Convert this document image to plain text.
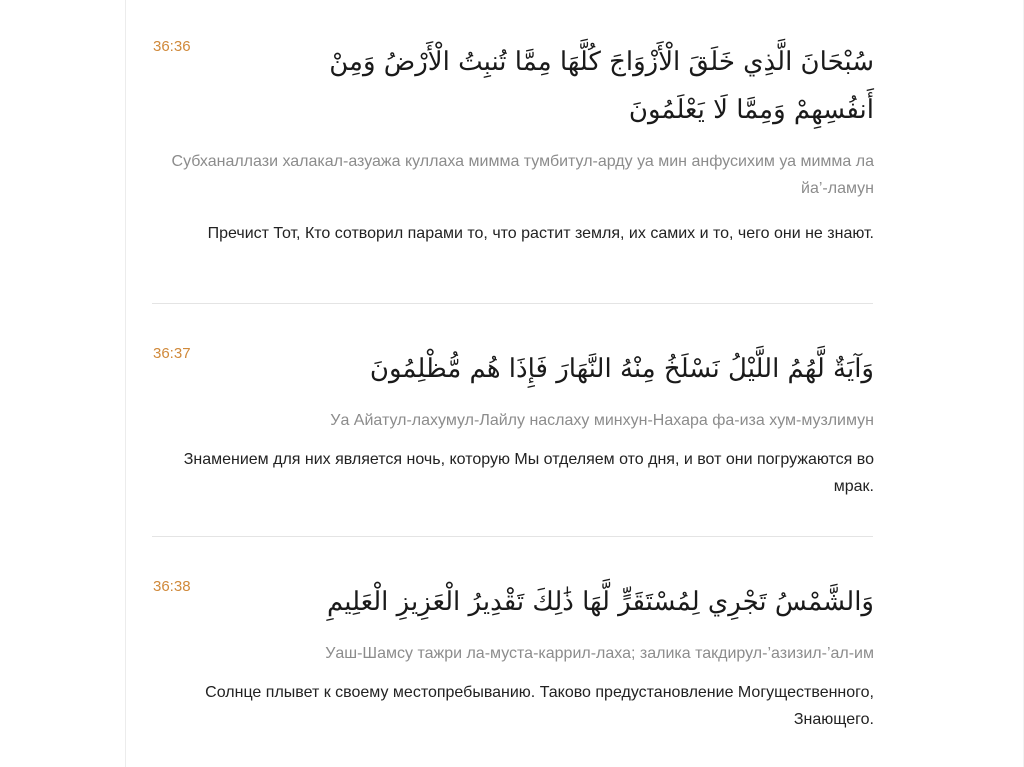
36:36

سُبْحَانَ الَّذِي خَلَقَ الْأَزْوَاجَ كُلَّهَا مِمَّا تُنبِتُ الْأَرْضُ وَمِنْ أَنفُسِهِمْ وَمِمَّا لَا يَعْلَمُونَ

Субханаллази халакал-азуажа куллаха мимма тумбитул-арду уа мин анфусихим уа мимма ла йа’-ламун

Пречист Тот, Кто сотворил парами то, что растит земля, их самих и то, чего они не знают.

36:37

وَآيَةٌ لَّهُمُ اللَّيْلُ نَسْلَخُ مِنْهُ النَّهَارَ فَإِذَا هُم مُّظْلِمُونَ

Уа Айатул-лахумул-Лайлу наслаху минхун-Нахара фа-иза хум-музлимун

Знамением для них является ночь, которую Мы отделяем ото дня, и вот они погружаются во мрак.

36:38

وَالشَّمْسُ تَجْرِي لِمُسْتَقَرٍّ لَّهَا ذَٰلِكَ تَقْدِيرُ الْعَزِيزِ الْعَلِيمِ

Уаш-Шамсу тажри ла-муста-каррил-лаха; залика такдирул-’азизил-’ал-им

Солнце плывет к своему местопребыванию. Таково предустановление Могущественного, Знающего.
